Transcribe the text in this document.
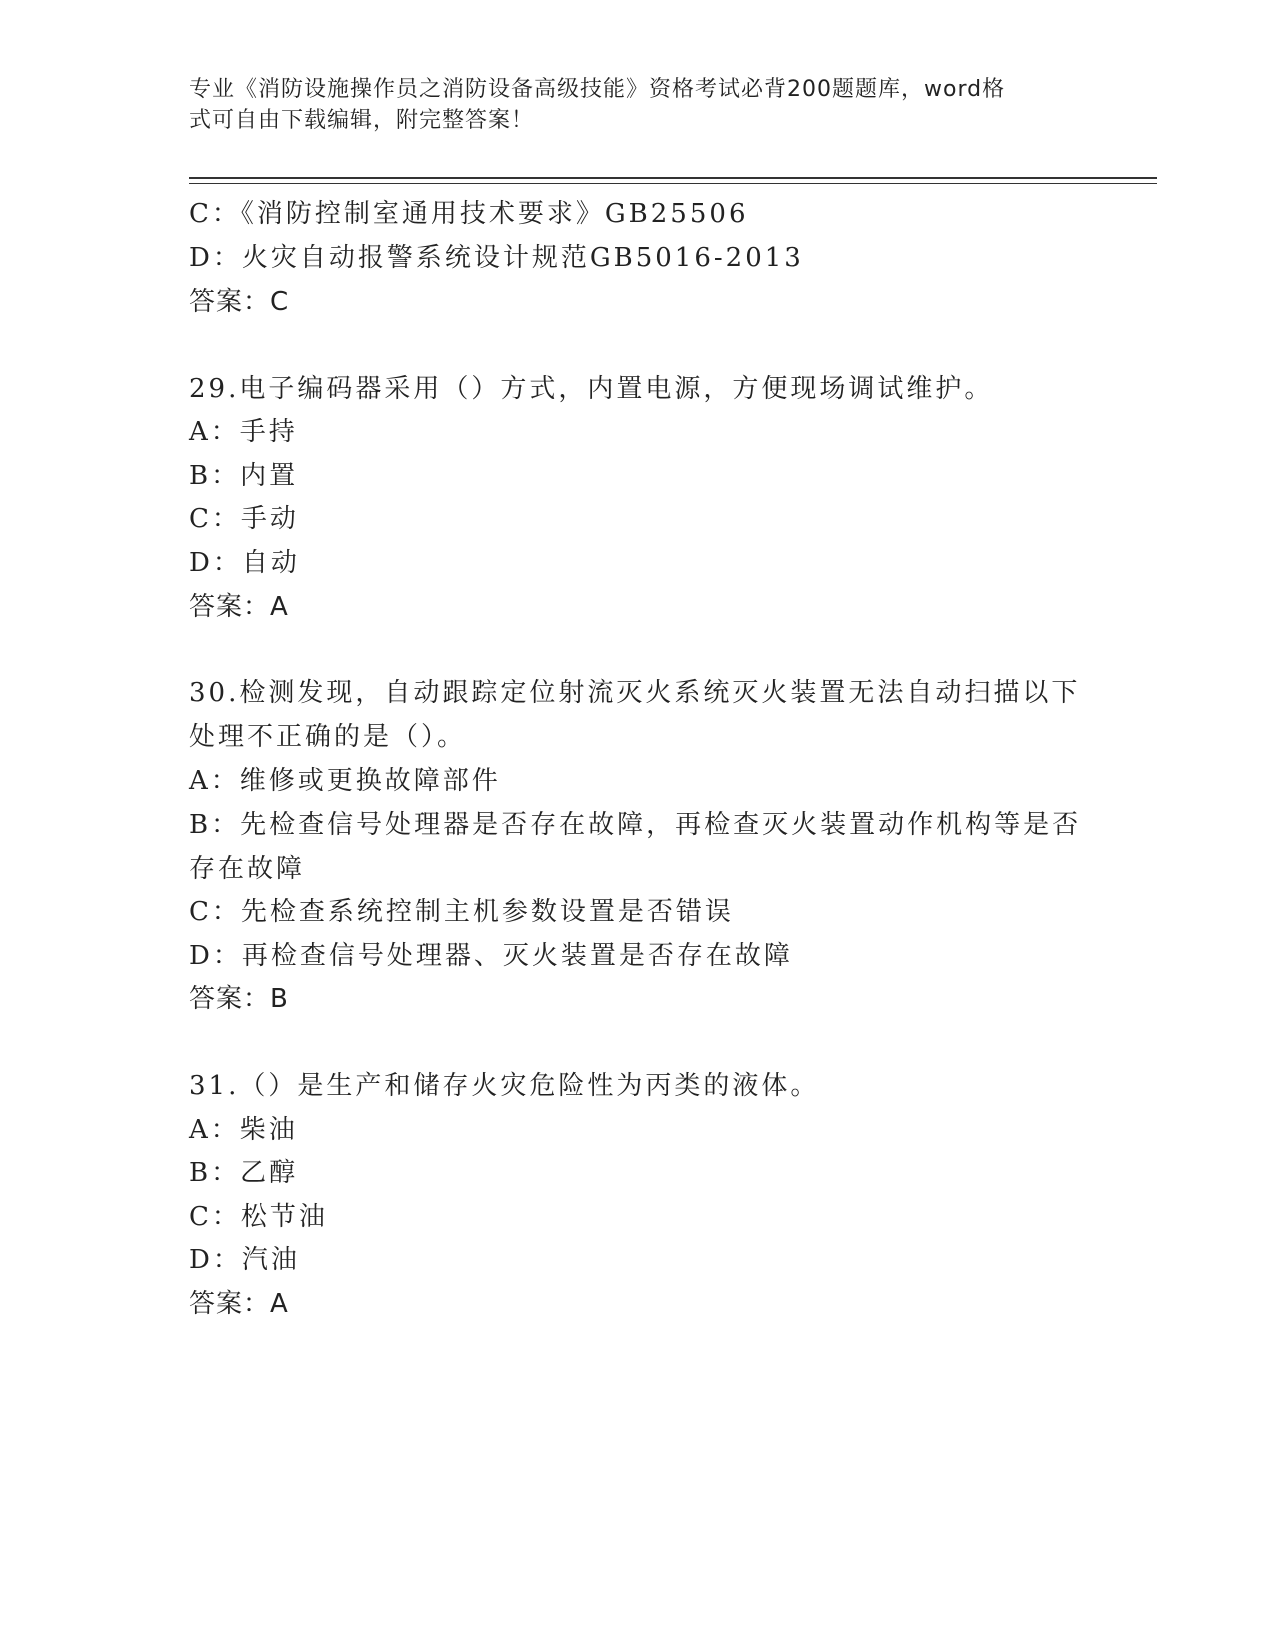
专业《消防设施操作员之消防设备高级技能》资格考试必背200题题库，word格
式可自由下载编辑，附完整答案！
C：《消防控制室通用技术要求》GB25506
D：火灾自动报警系统设计规范GB5016-2013
答案：C
29.电子编码器采用（）方式，内置电源，方便现场调试维护。
A：手持
B：内置
C：手动
D：自动
答案：A
30.检测发现，自动跟踪定位射流灭火系统灭火装置无法自动扫描以下
处理不正确的是（）。
A：维修或更换故障部件
B：先检查信号处理器是否存在故障，再检查灭火装置动作机构等是否
存在故障
C：先检查系统控制主机参数设置是否错误
D：再检查信号处理器、灭火装置是否存在故障
答案：B
31.（）是生产和储存火灾危险性为丙类的液体。
A：柴油
B：乙醇
C：松节油
D：汽油
答案：A
